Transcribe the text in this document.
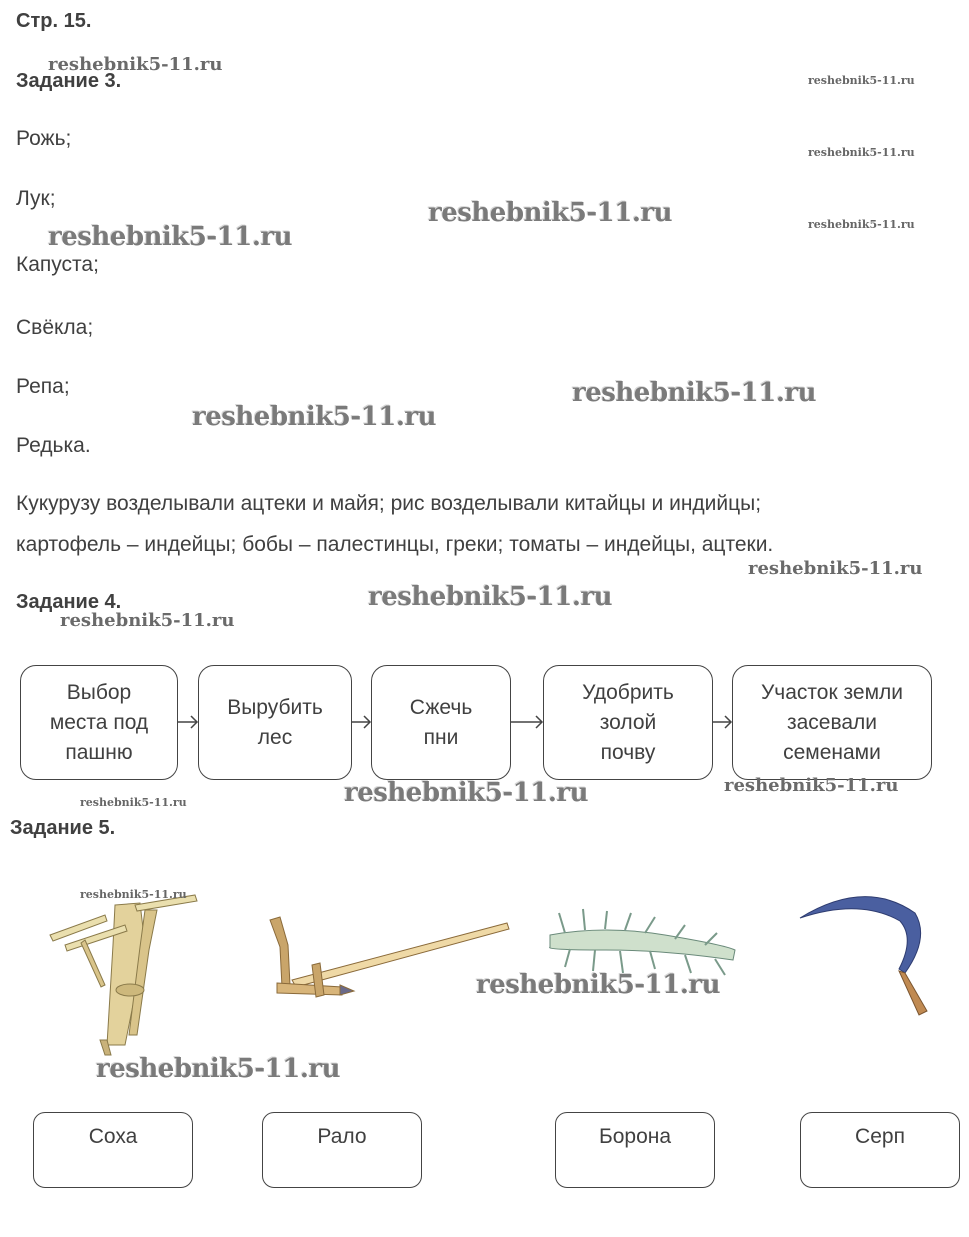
Стр. 15.
Задание 3.
Рожь;
Лук;
Капуста;
Свёкла;
Репа;
Редька.
Кукурузу возделывали ацтеки и майя; рис возделывали китайцы и индийцы;
картофель – индейцы; бобы – палестинцы, греки; томаты – индейцы, ацтеки.
Задание 4.
Выбор
места под
пашню
Вырубить
лес
Сжечь
пни
Удобрить
золой
почву
Участок земли
засевали
семенами
Задание 5.
Соха	Рало	Борона	Серп
reshebnik5-11.ru
reshebnik5-11.ru
reshebnik5-11.ru
reshebnik5-11.ru
reshebnik5-11.ru
reshebnik5-11.ru
reshebnik5-11.ru
reshebnik5-11.ru
reshebnik5-11.ru
reshebnik5-11.ru
reshebnik5-11.ru
reshebnik5-11.ru
reshebnik5-11.ru
reshebnik5-11.ru
reshebnik5-11.ru
reshebnik5-11.ru
reshebnik5-11.ru
